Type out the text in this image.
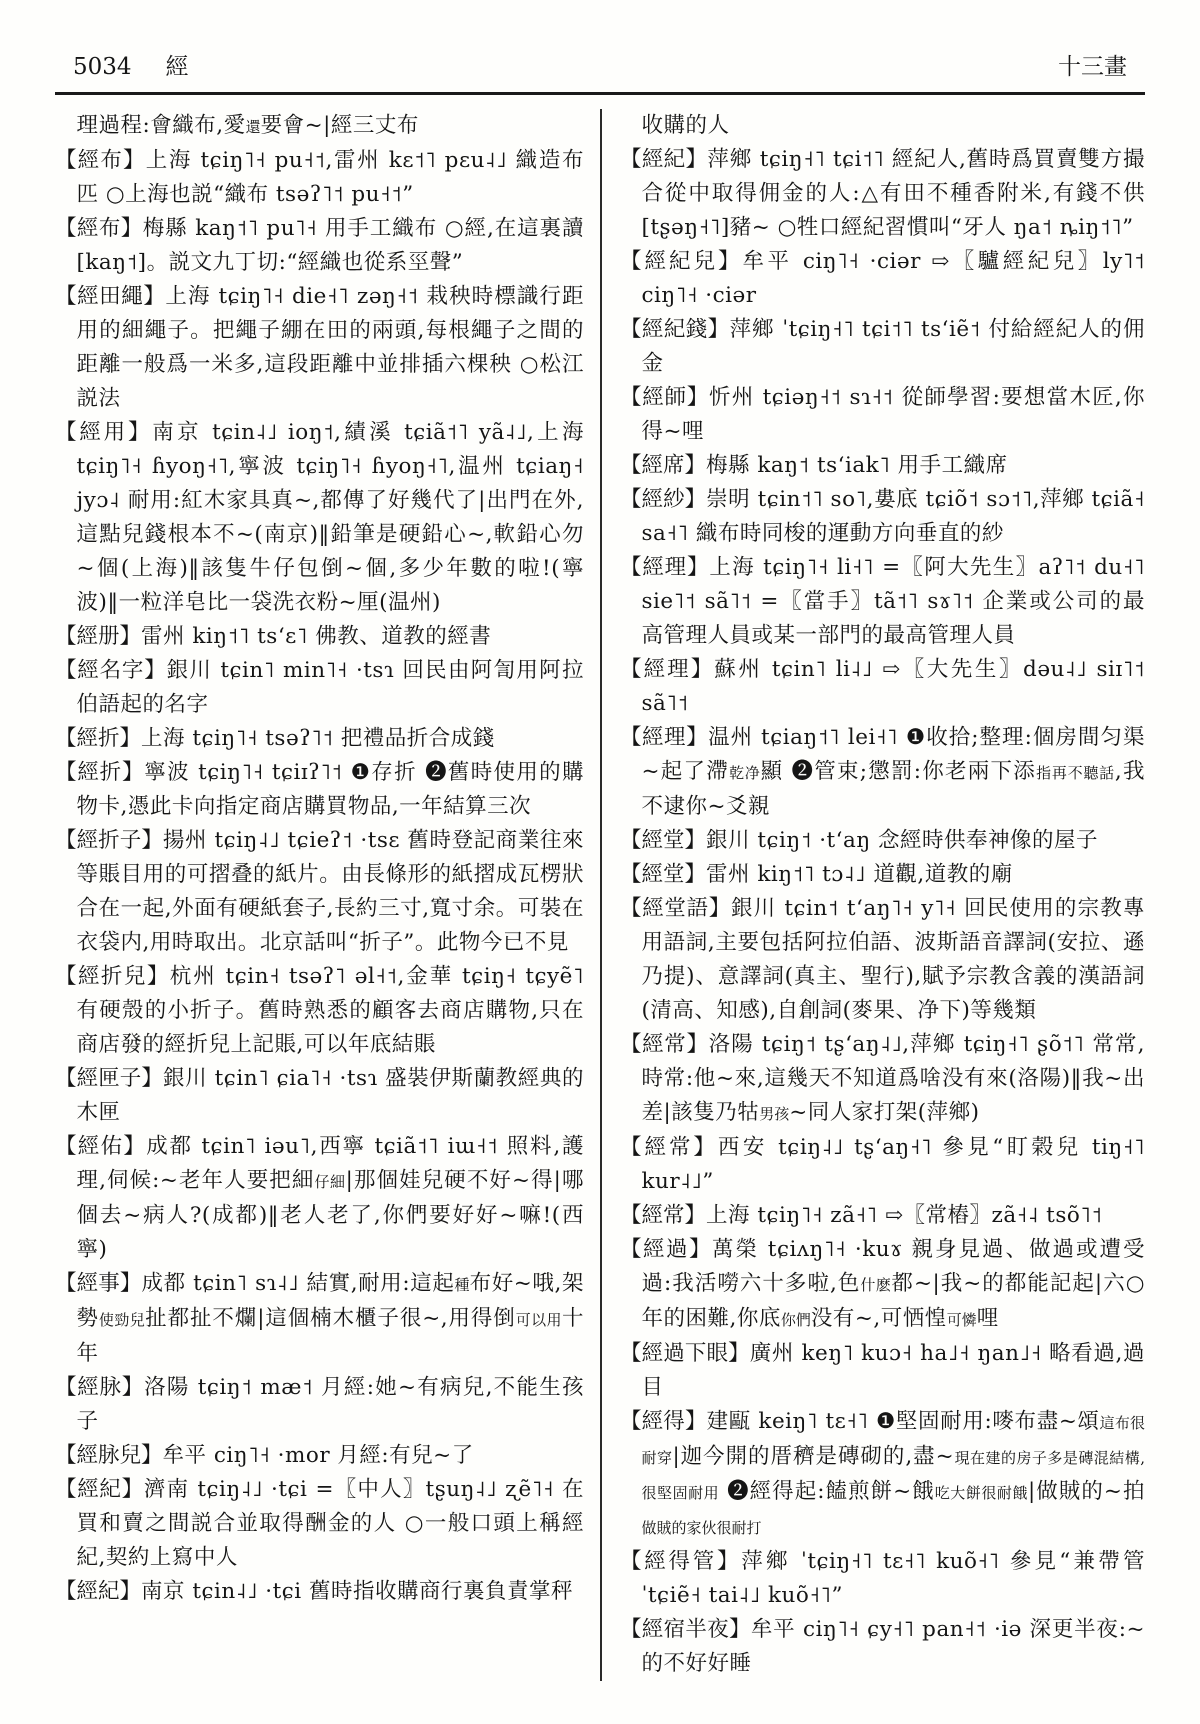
5034 經	十三畫

理過程:會織布,愛還要會~|經三丈布

【經布】上海 tɕiŋ˥˧ pu˧˦,雷州 kɛ˦˥ pɛu˨˩ 織造布匹 ○上海也説“織布 tsəʔ˥˦ pu˧˦”

【經布】梅縣 kaŋ˦˥ pu˥˧ 用手工織布 ○經,在這裏讀[kaŋ˦]。説文九丁切:“經織也從系巠聲”

【經田繩】上海 tɕiŋ˥˧ die˧˥ zəŋ˧˦ 栽秧時標識行距用的細繩子。把繩子綳在田的兩頭,每根繩子之間的距離一般爲一米多,這段距離中並排插六棵秧 ○松江説法

【經用】南京 tɕin˨˩ ioŋ˦,績溪 tɕiã˦˥ yã˨˩,上海 tɕiŋ˥˧ ɦyoŋ˧˥,寧波 tɕiŋ˥˧ ɦyoŋ˧˥,温州 tɕiaŋ˧ jyɔ˨ 耐用:紅木家具真~,都傳了好幾代了|出門在外,這點兒錢根本不~(南京)‖鉛筆是硬鉛心~,軟鉛心勿~個(上海)‖該隻牛仔包倒~個,多少年數的啦!(寧波)‖一粒洋皂比一袋洗衣粉~厘(温州)

【經册】雷州 kiŋ˦˥ tsʻɛ˥ 佛教、道教的經書

【經名字】銀川 tɕin˥ min˥˧ ·tsɿ 回民由阿訇用阿拉伯語起的名字

【經折】上海 tɕiŋ˥˧ tsəʔ˥˦ 把禮品折合成錢

【經折】寧波 tɕiŋ˥˧ tɕiɪʔ˥˦ ❶存折 ❷舊時使用的購物卡,憑此卡向指定商店購買物品,一年結算三次

【經折子】揚州 tɕiŋ˨˩ tɕieʔ˦ ·tsɛ 舊時登記商業往來等賬目用的可摺叠的紙片。由長條形的紙摺成瓦楞狀合在一起,外面有硬紙套子,長約三寸,寬寸余。可裝在衣袋内,用時取出。北京話叫“折子”。此物今已不見

【經折兒】杭州 tɕin˧ tsəʔ˥ əl˧˦,金華 tɕiŋ˧ tɕyẽ˥ 有硬殼的小折子。舊時熟悉的顧客去商店購物,只在商店發的經折兒上記賬,可以年底結賬

【經匣子】銀川 tɕin˥ ɕia˥˧ ·tsɿ 盛裝伊斯蘭教經典的木匣

【經佑】成都 tɕin˥ iəu˥,西寧 tɕiã˦˥ iɯ˧˦ 照料,護理,伺候:~老年人要把細仔細|那個娃兒硬不好~得|哪個去~病人?(成都)‖老人老了,你們要好好~嘛!(西寧)

【經事】成都 tɕin˥ sɿ˨˩ 結實,耐用:這起種布好~哦,架勢使勁兒扯都扯不爛|這個楠木櫃子很~,用得倒可以用十年

【經脉】洛陽 tɕiŋ˦ mæ˦ 月經:她~有病兒,不能生孩子

【經脉兒】牟平 ciŋ˥˧ ·mor 月經:有兒~了

【經紀】濟南 tɕiŋ˨˩ ·tɕi =〖中人〗tʂuŋ˨˩ ʐẽ˥˧ 在買和賣之間説合並取得酬金的人 ○一般口頭上稱經紀,契約上寫中人

【經紀】南京 tɕin˨˩ ·tɕi 舊時指收購商行裏負責掌秤

收購的人

【經紀】萍鄉 tɕiŋ˧˥ tɕi˦˥ 經紀人,舊時爲買賣雙方撮合從中取得佣金的人:△有田不種香附米,有錢不供[tʂəŋ˧˥]豬~ ○牲口經紀習慣叫“牙人 ŋa˦ ȵiŋ˦˥”

【經紀兒】牟平 ciŋ˥˧ ·ciər ⇨〖驢經紀兒〗ly˥˦ ciŋ˥˧ ·ciər

【經紀錢】萍鄉 ˈtɕiŋ˧˥ tɕi˦˥ tsʻiẽ˦ 付給經紀人的佣金

【經師】忻州 tɕiəŋ˧˦ sɿ˧˦ 從師學習:要想當木匠,你得~哩

【經席】梅縣 kaŋ˦ tsʻiak˥ 用手工織席

【經紗】崇明 tɕin˦˥ so˥,婁底 tɕiõ˦ sɔ˦˥,萍鄉 tɕiã˧ sa˧˥ 織布時同梭的運動方向垂直的紗

【經理】上海 tɕiŋ˥˧ li˧˥ =〖阿大先生〗aʔ˥˦ du˧˥ sie˥˦ sã˥˦ =〖當手〗tã˦˥ sɤ˥˦ 企業或公司的最高管理人員或某一部門的最高管理人員

【經理】蘇州 tɕin˥ li˨˩ ⇨〖大先生〗dəu˨˩ siɪ˥˦ sã˥˦

【經理】温州 tɕiaŋ˦˥ lei˧˥ ❶收拾;整理:個房間匀渠~起了滯乾净顯 ❷管束;懲罰:你老兩下添指再不聽話,我不逮你~爻親

【經堂】銀川 tɕiŋ˦ ·tʻaŋ 念經時供奉神像的屋子

【經堂】雷州 kiŋ˦˥ tɔ˨˩ 道觀,道教的廟

【經堂語】銀川 tɕin˦ tʻaŋ˥˧ y˥˧ 回民使用的宗教專用語詞,主要包括阿拉伯語、波斯語音譯詞(安拉、遜乃提)、意譯詞(真主、聖行),賦予宗教含義的漢語詞(清高、知感),自創詞(麥果、净下)等幾類

【經常】洛陽 tɕiŋ˦ tʂʻaŋ˨˩,萍鄉 tɕiŋ˧˥ ʂõ˦˥ 常常,時常:他~來,這幾天不知道爲啥没有來(洛陽)‖我~出差|該隻乃牯男孩~同人家打架(萍鄉)

【經常】西安 tɕiŋ˨˩ tʂʻaŋ˧˥ 參見“盯榖兒 tiŋ˧˥ kur˨˩”

【經常】上海 tɕiŋ˥˧ zã˧˥ ⇨〖常樁〗zã˧˨ tsõ˥˦

【經過】萬榮 tɕiʌŋ˥˧ ·kuɤ 親身見過、做過或遭受過:我活嘮六十多啦,色什麽都~|我~的都能記起|六○年的困難,你底你們没有~,可恓惶可憐哩

【經過下眼】廣州 keŋ˥ kuɔ˧ ha˩˧ ŋan˩˧ 略看過,過目

【經得】建甌 keiŋ˥ tɛ˧˥ ❶堅固耐用:嘜布盡~頌這布很耐穿|迦今開的厝穧是磚砌的,盡~現在建的房子多是磚混結構,很堅固耐用 ❷經得起:饁煎餅~餓吃大餅很耐餓|做賊的~拍做賊的家伙很耐打

【經得管】萍鄉 ˈtɕiŋ˧˥ tɛ˧˥ kuõ˧˥ 參見“兼帶管 ˈtɕiẽ˧ tai˨˩ kuõ˧˥”

【經宿半夜】牟平 ciŋ˥˧ ɕy˧˥ pan˧˦ ·iə 深更半夜:~的不好好睡
